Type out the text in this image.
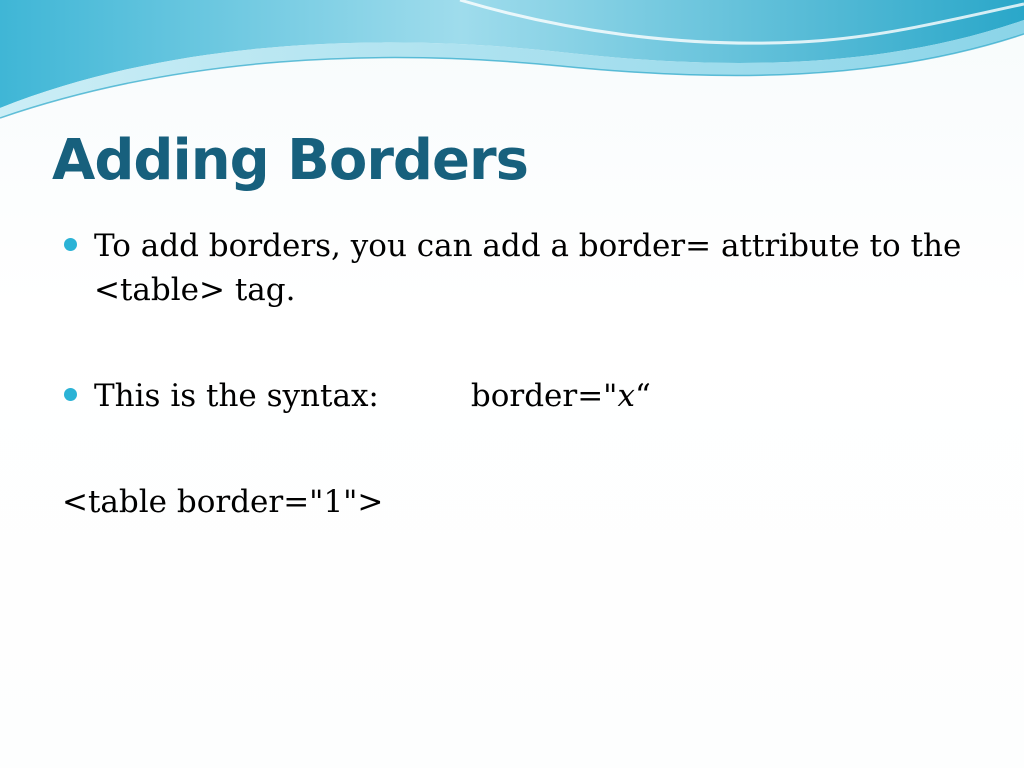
Adding Borders
To add borders, you can add a border= attribute to the <table> tag.
This is the syntax:	border="x“

<table border="1">
